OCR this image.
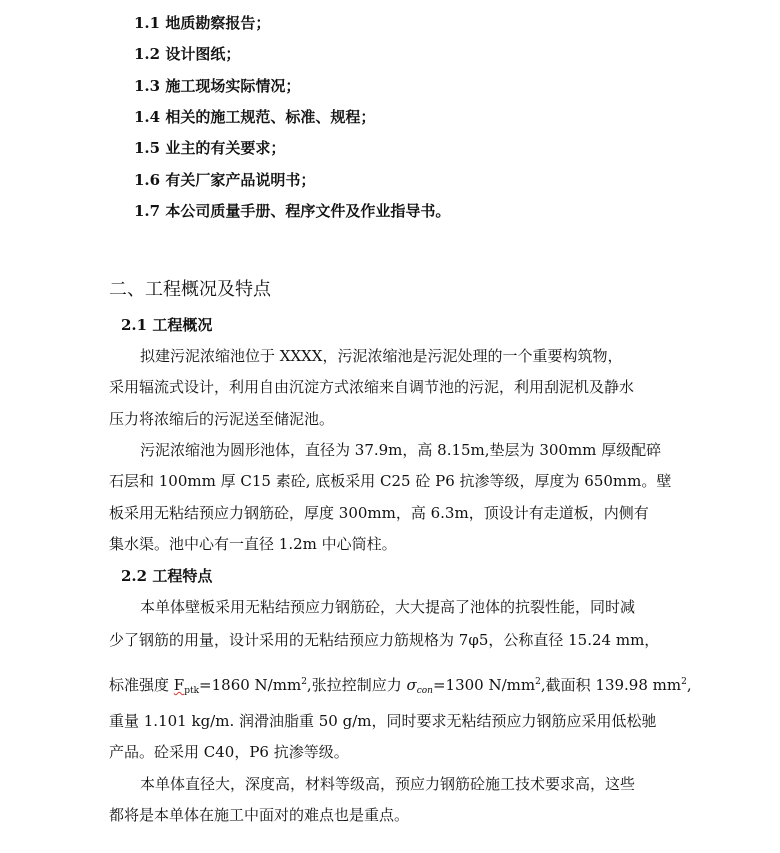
1.1 地质勘察报告；
1.2 设计图纸；
1.3 施工现场实际情况；
1.4 相关的施工规范、标准、规程；
1.5 业主的有关要求；
1.6 有关厂家产品说明书；
1.7 本公司质量手册、程序文件及作业指导书。
二、工程概况及特点
2.1 工程概况
拟建污泥浓缩池位于 XXXX，污泥浓缩池是污泥处理的一个重要构筑物，
采用辐流式设计，利用自由沉淀方式浓缩来自调节池的污泥，利用刮泥机及静水
压力将浓缩后的污泥送至储泥池。
污泥浓缩池为圆形池体，直径为 37.9m，高 8.15m,垫层为 300mm 厚级配碎
石层和 100mm 厚 C15 素砼, 底板采用 C25 砼 P6 抗渗等级，厚度为 650mm。壁
板采用无粘结预应力钢筋砼，厚度 300mm，高 6.3m，顶设计有走道板，内侧有
集水渠。池中心有一直径 1.2m 中心筒柱。
2.2 工程特点
本单体壁板采用无粘结预应力钢筋砼，大大提高了池体的抗裂性能，同时减
少了钢筋的用量，设计采用的无粘结预应力筋规格为 7φ5，公称直径 15.24 mm，
标准强度 $F_{ptk}=1860$ $N/mm^2$,张拉控制应力 $\sigma_{con}=1300$ $N/mm^2$,截面积 139.98 $mm^2$,
重量 1.101 kg/m. 润滑油脂重 50 g/m，同时要求无粘结预应力钢筋应采用低松驰
产品。砼采用 C40，P6 抗渗等级。
本单体直径大，深度高，材料等级高，预应力钢筋砼施工技术要求高，这些
都将是本单体在施工中面对的难点也是重点。
